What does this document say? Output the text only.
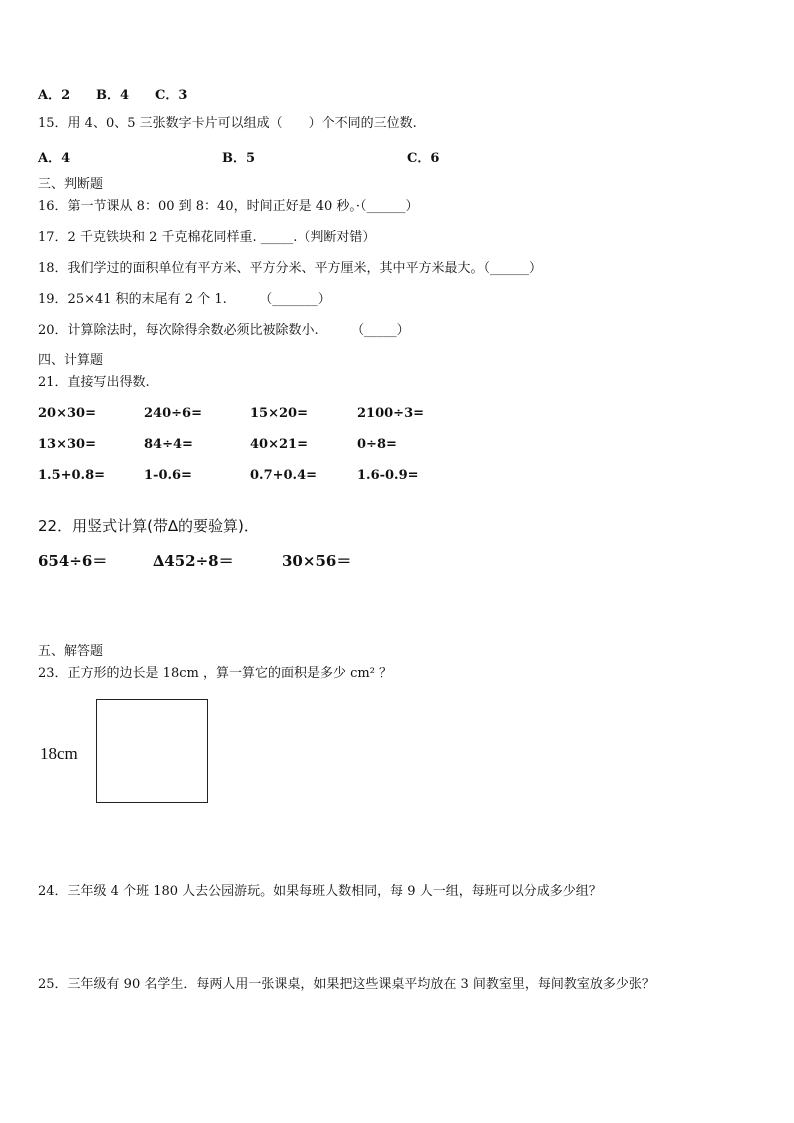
A．2 B．4 C．3
15．用 4、0、5 三张数字卡片可以组成（　　）个不同的三位数.
A．4	B．5	C．6
三、判断题
16．第一节课从 8：00 到 8：40，时间正好是 40 秒。·（______）
17．2 千克铁块和 2 千克棉花同样重. _____.（判断对错）
18．我们学过的面积单位有平方米、平方分米、平方厘米，其中平方米最大。（______）
19．25×41 积的末尾有 2 个 1.　　　（_______）
20．计算除法时，每次除得余数必须比被除数小.　　　（_____）
四、计算题
21．直接写出得数.
20×30=	240÷6=	15×20=	2100÷3=
13×30=	84÷4=	40×21=	0÷8=
1.5+0.8=	1-0.6=	0.7+0.4=	1.6-0.9=
22．用竖式计算(带∆的要验算)．
654÷6＝	∆452÷8＝	30×56＝
五、解答题
23．正方形的边长是 18cm ，算一算它的面积是多少 cm² ？
18cm
24．三年级 4 个班 180 人去公园游玩。如果每班人数相同，每 9 人一组，每班可以分成多少组？
25．三年级有 90 名学生．每两人用一张课桌，如果把这些课桌平均放在 3 间教室里，每间教室放多少张？
